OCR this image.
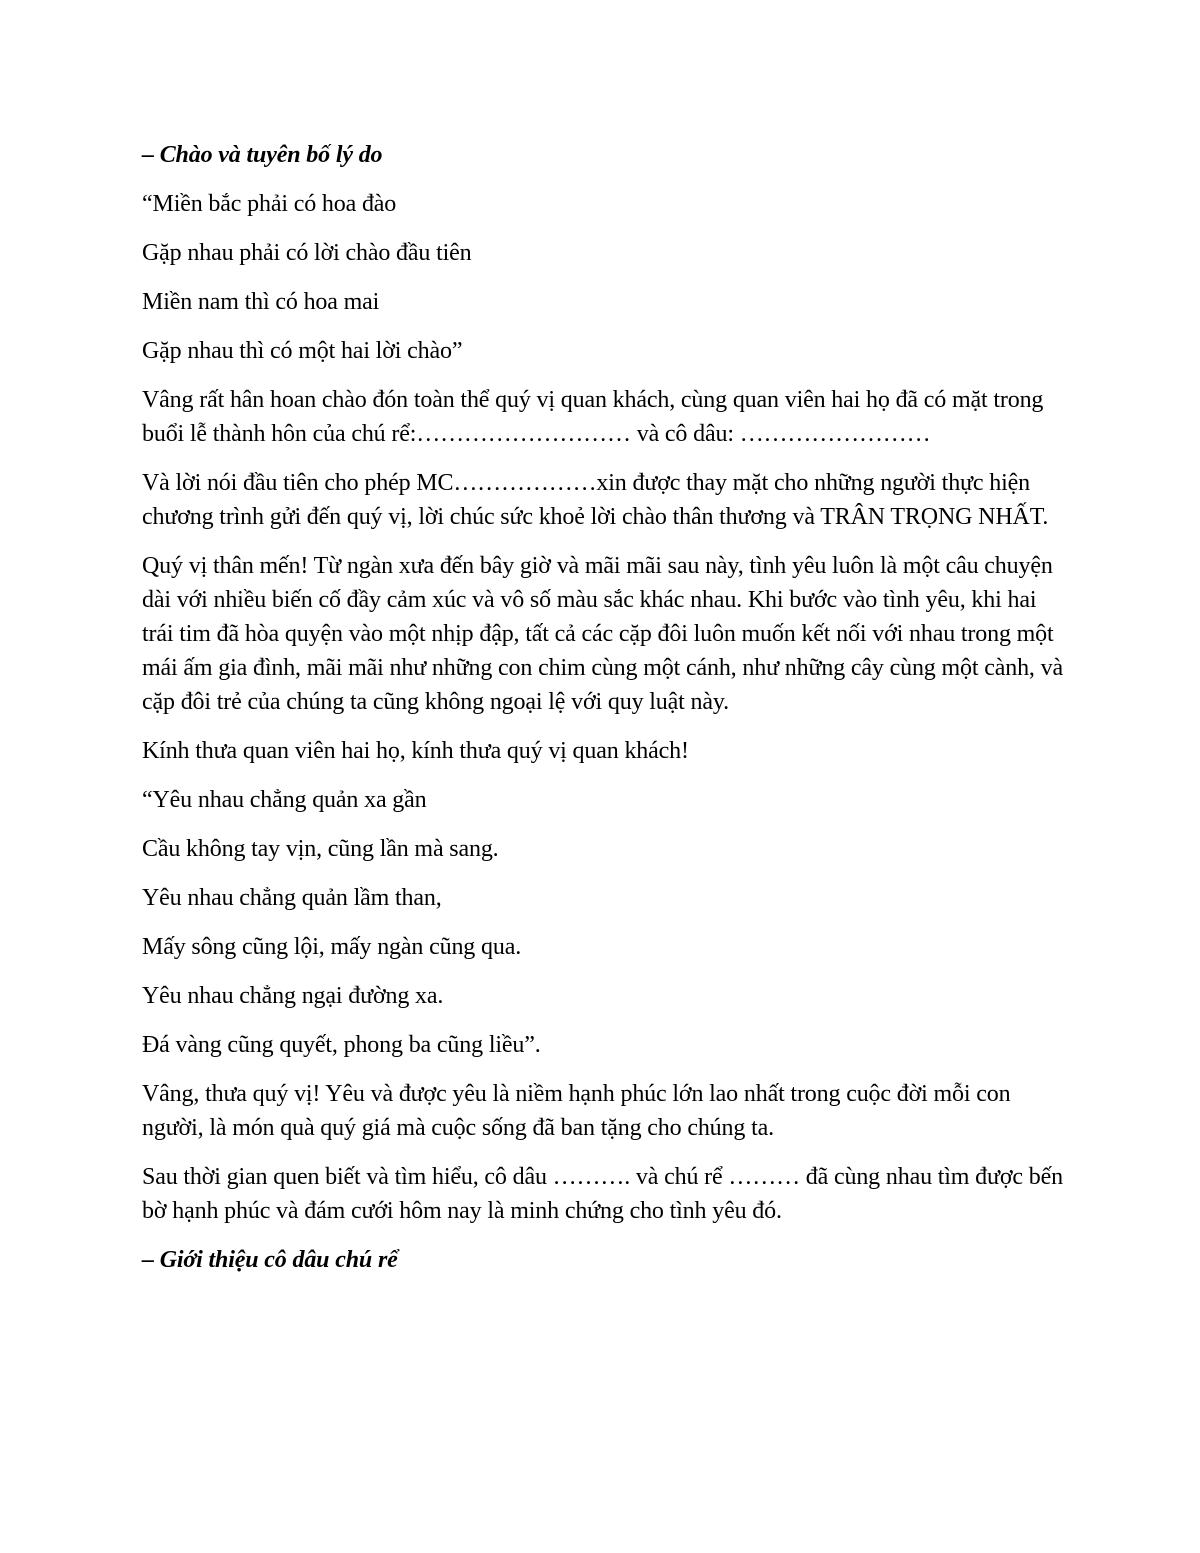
– Chào và tuyên bố lý do

“Miền bắc phải có hoa đào

Gặp nhau phải có lời chào đầu tiên

Miền nam thì có hoa mai

Gặp nhau thì có một hai lời chào”

Vâng rất hân hoan chào đón toàn thể quý vị quan khách, cùng quan viên hai họ đã có mặt trong buổi lễ thành hôn của chú rể:……………………… và cô dâu: ……………………

Và lời nói đầu tiên cho phép MC………………xin được thay mặt cho những người thực hiện chương trình gửi đến quý vị, lời chúc sức khoẻ lời chào thân thương và TRÂN TRỌNG NHẤT.

Quý vị thân mến! Từ ngàn xưa đến bây giờ và mãi mãi sau này, tình yêu luôn là một câu chuyện dài với nhiều biến cố đầy cảm xúc và vô số màu sắc khác nhau. Khi bước vào tình yêu, khi hai trái tim đã hòa quyện vào một nhịp đập, tất cả các cặp đôi luôn muốn kết nối với nhau trong một mái ấm gia đình, mãi mãi như những con chim cùng một cánh, như những cây cùng một cành, và cặp đôi trẻ của chúng ta cũng không ngoại lệ với quy luật này.

Kính thưa quan viên hai họ, kính thưa quý vị quan khách!

“Yêu nhau chẳng quản xa gần

Cầu không tay vịn, cũng lần mà sang.

Yêu nhau chẳng quản lầm than,

Mấy sông cũng lội, mấy ngàn cũng qua.

Yêu nhau chẳng ngại đường xa.

Đá vàng cũng quyết, phong ba cũng liều”.

Vâng, thưa quý vị! Yêu và được yêu là niềm hạnh phúc lớn lao nhất trong cuộc đời mỗi con người, là món quà quý giá mà cuộc sống đã ban tặng cho chúng ta.

Sau thời gian quen biết và tìm hiểu, cô dâu ………. và chú rể ……… đã cùng nhau tìm được bến bờ hạnh phúc và đám cưới hôm nay là minh chứng cho tình yêu đó.

– Giới thiệu cô dâu chú rể
